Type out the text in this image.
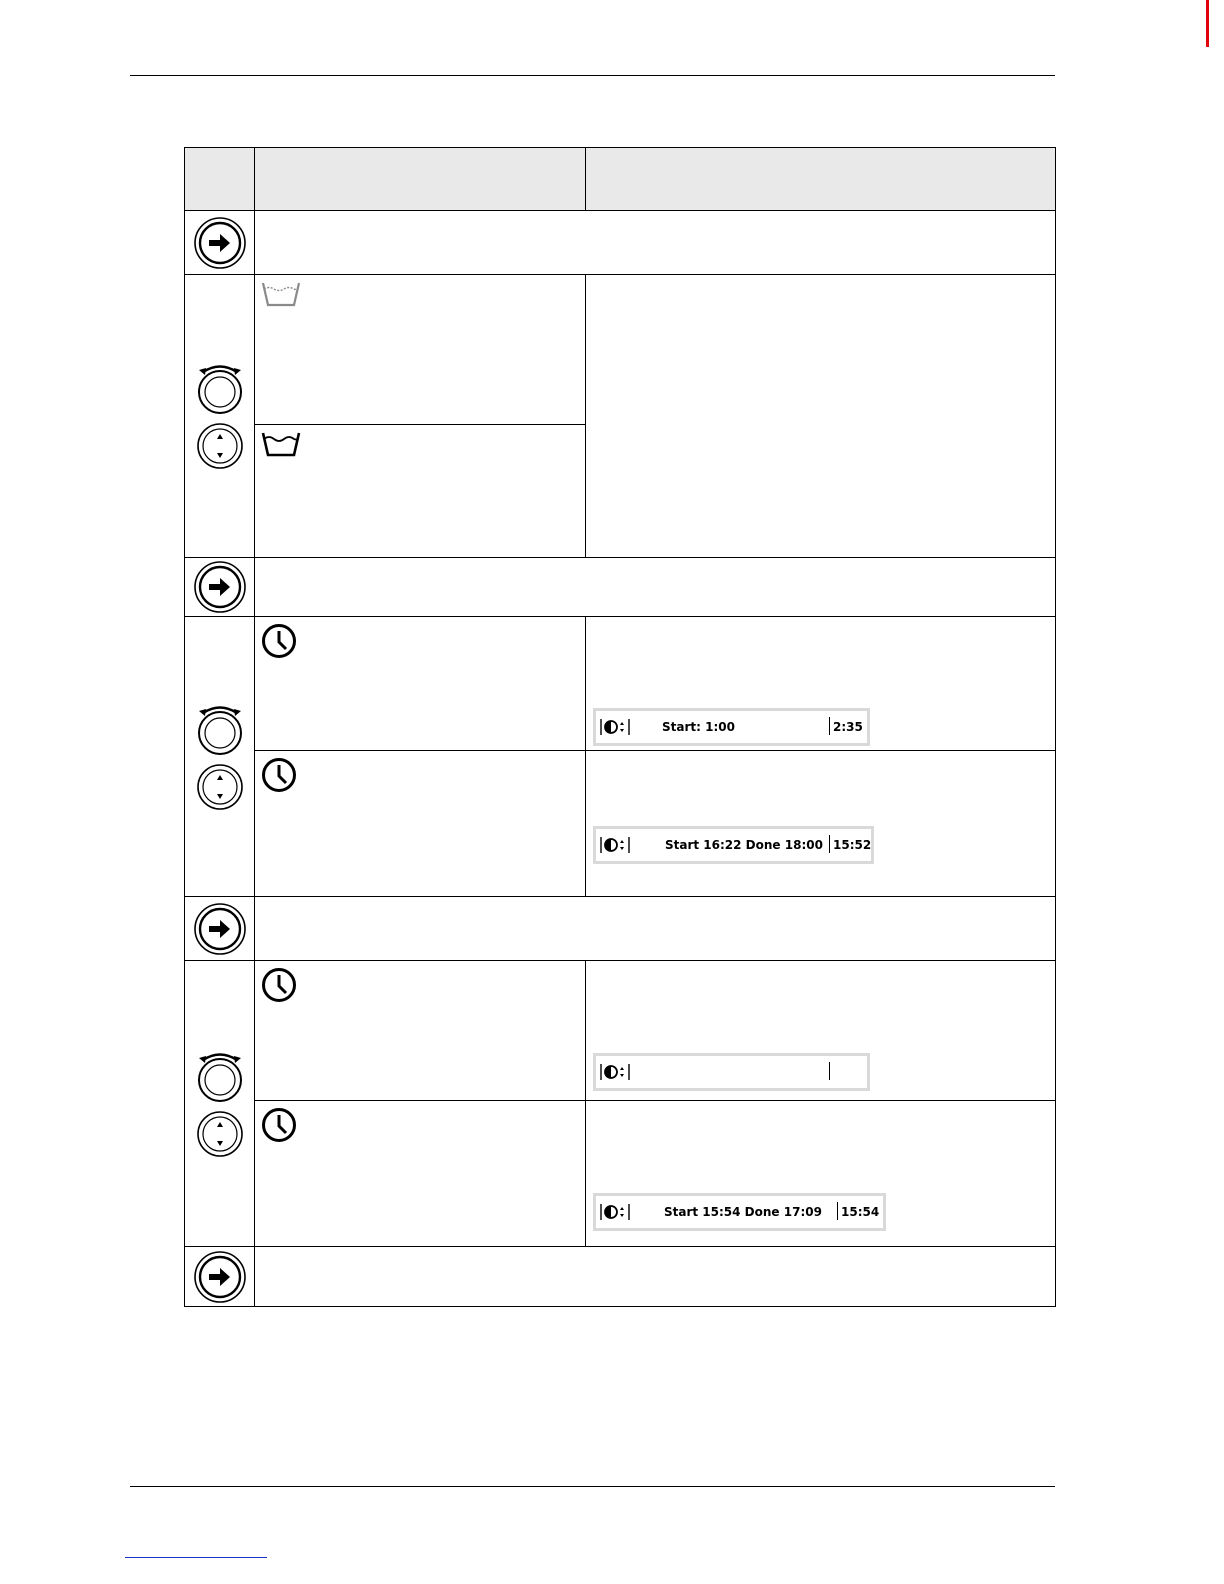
Start: 1:00 2:35

Start 16:22 Done 18:00 15:52

Start 15:54 Done 17:09 15:54
